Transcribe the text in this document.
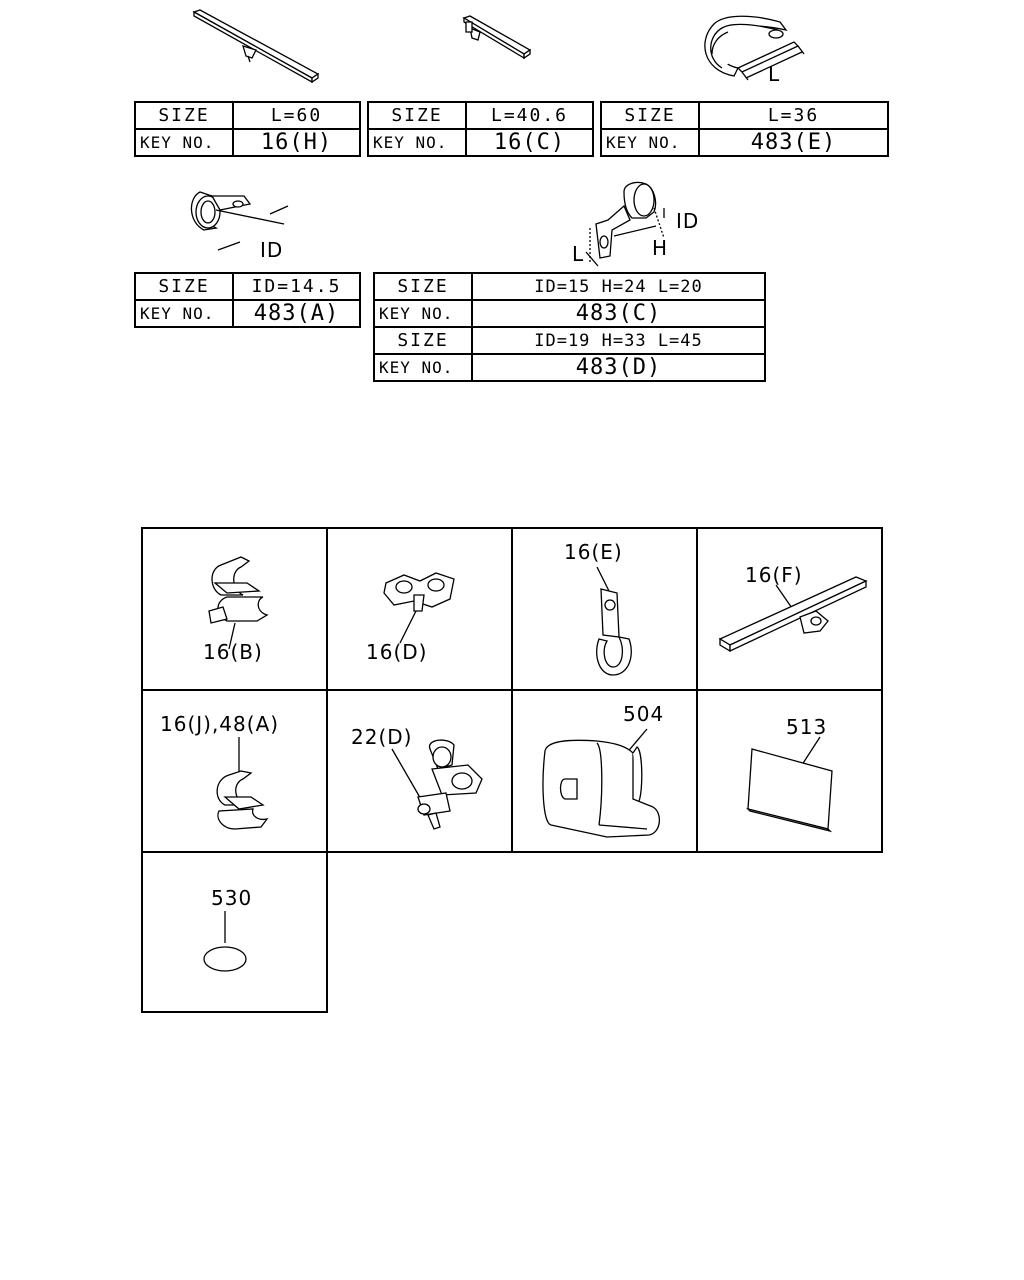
L
SIZE	L=60
KEY NO.	16(H)
SIZE	L=40.6
KEY NO.	16(C)
SIZE	L=36
KEY NO.	483(E)
ID
ID
H
L
SIZE	ID=14.5
KEY NO.	483(A)
SIZE	ID=15 H=24 L=20
KEY NO.	483(C)
SIZE	ID=19 H=33 L=45
KEY NO.	483(D)
16(B)	16(D)
16(E)
16(F)
16(J),48(A)
22(D)
504
513
530
